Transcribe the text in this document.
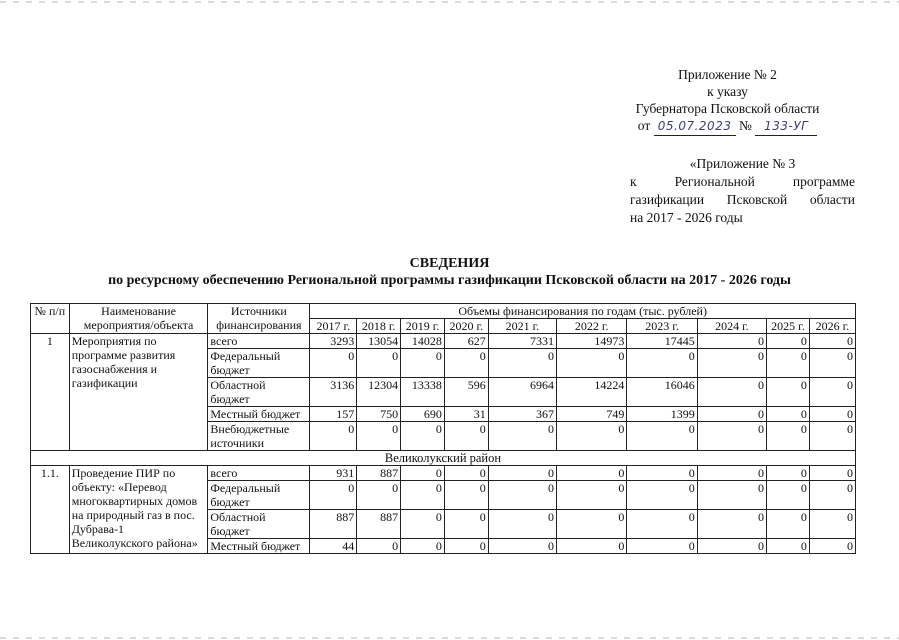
Приложение № 2
к указу
Губернатора Псковской области
от 05.07.2023 № 133-УГ
«Приложение № 3
к	Региональной	программе
газификации Псковской области
на 2017 - 2026 годы
СВЕДЕНИЯ
по ресурсному обеспечению Региональной программы газификации Псковской области на 2017 - 2026 годы
№ п/п	Наименование мероприятия/объекта	Источники финансирования	Объемы финансирования по годам (тыс. рублей)									
			2017 г.	2018 г.	2019 г.	2020 г.	2021 г.	2022 г.	2023 г.	2024 г.	2025 г.	2026 г.
1	Мероприятия по программе развития газоснабжения и газификации	всего	3293	13054	14028	627	7331	14973	17445	0	0	0
		Федеральный бюджет	0	0	0	0	0	0	0	0	0	0
		Областной бюджет	3136	12304	13338	596	6964	14224	16046	0	0	0
		Местный бюджет	157	750	690	31	367	749	1399	0	0	0
		Внебюджетные источники	0	0	0	0	0	0	0	0	0	0
Великолукский район												
1.1.	Проведение ПИР по объекту: «Перевод многоквартирных домов на природный газ в пос. Дубрава-1 Великолукского района»	всего	931	887	0	0	0	0	0	0	0	0
		Федеральный бюджет	0	0	0	0	0	0	0	0	0	0
		Областной бюджет	887	887	0	0	0	0	0	0	0	0
		Местный бюджет	44	0	0	0	0	0	0	0	0	0
